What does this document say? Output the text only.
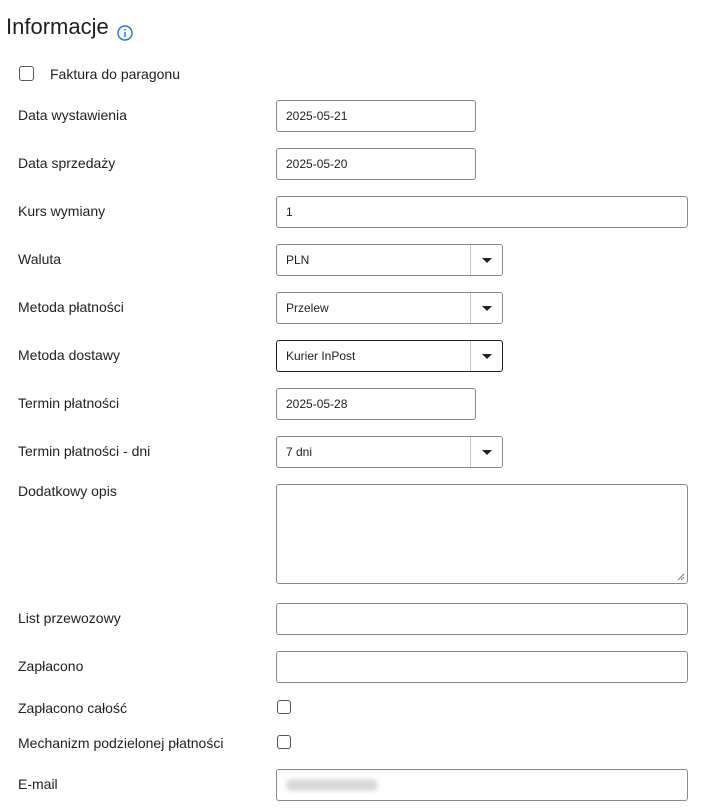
Informacje
Faktura do paragonu
Data wystawienia	2025-05-21
Data sprzedaży	2025-05-20
Kurs wymiany	1
Waluta	PLN
Metoda płatności	Przelew
Metoda dostawy	Kurier InPost
Termin płatności	2025-05-28
Termin płatności - dni	7 dni
Dodatkowy opis
List przewozowy
Zapłacono
Zapłacono całość
Mechanizm podzielonej płatności
E-mail
